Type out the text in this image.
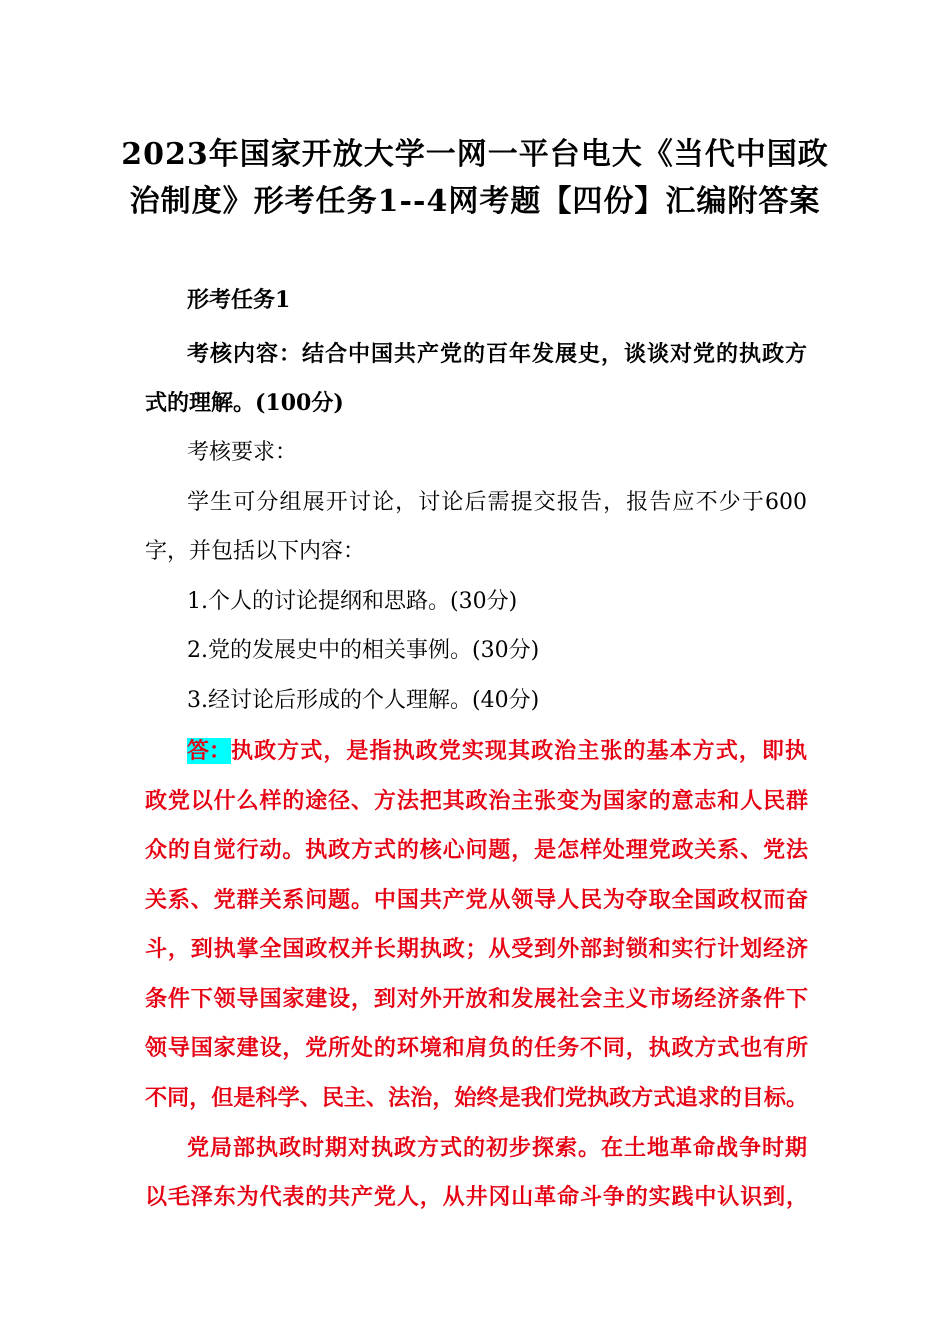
2023年国家开放大学一网一平台电大《当代中国政
治制度》形考任务1--4网考题【四份】汇编附答案
形考任务1
考核内容：结合中国共产党的百年发展史，谈谈对党的执政方
式的理解。(100分)
考核要求：
学生可分组展开讨论，讨论后需提交报告，报告应不少于600
字，并包括以下内容：
1.个人的讨论提纲和思路。(30分)
2.党的发展史中的相关事例。(30分)
3.经讨论后形成的个人理解。(40分)
答： 执政方式，是指执政党实现其政治主张的基本方式，即执
政党以什么样的途径、方法把其政治主张变为国家的意志和人民群
众的自觉行动。执政方式的核心问题，是怎样处理党政关系、党法
关系、党群关系问题。中国共产党从领导人民为夺取全国政权而奋
斗，到执掌全国政权并长期执政；从受到外部封锁和实行计划经济
条件下领导国家建设，到对外开放和发展社会主义市场经济条件下
领导国家建设，党所处的环境和肩负的任务不同，执政方式也有所
不同，但是科学、民主、法治，始终是我们党执政方式追求的目标。
党局部执政时期对执政方式的初步探索。在土地革命战争时期
以毛泽东为代表的共产党人，从井冈山革命斗争的实践中认识到，
